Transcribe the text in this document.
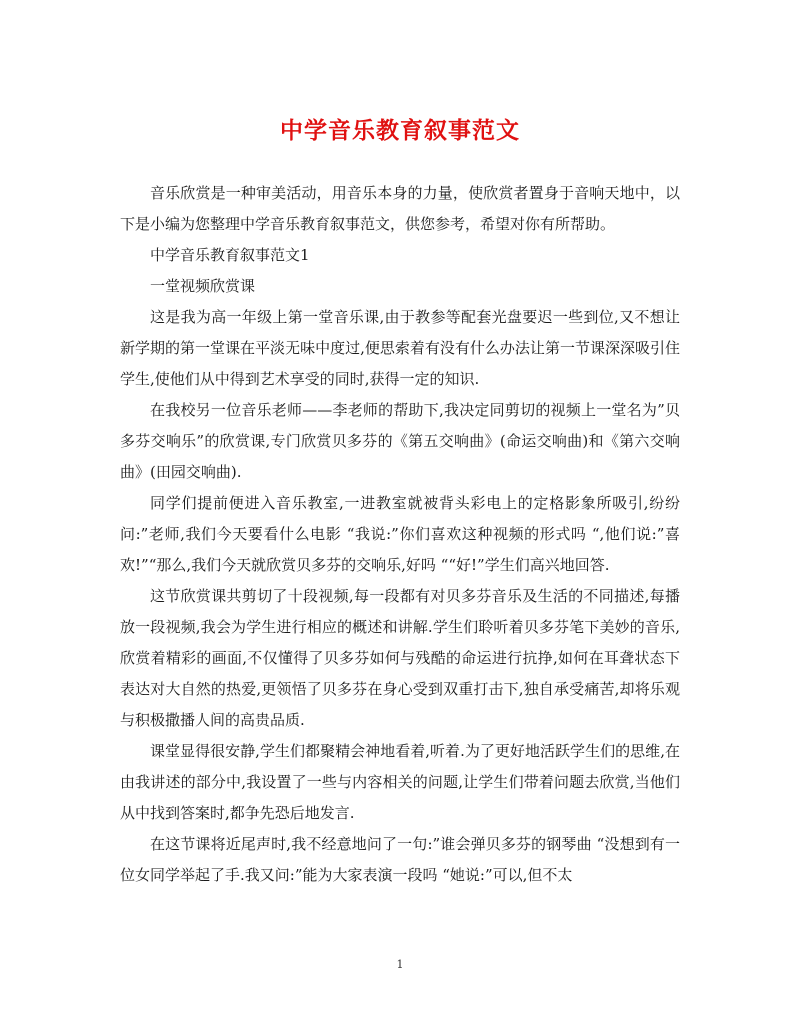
中学音乐教育叙事范文

音乐欣赏是一种审美活动，用音乐本身的力量，使欣赏者置身于音响天地中，以下是小编为您整理中学音乐教育叙事范文，供您参考，希望对你有所帮助。

中学音乐教育叙事范文1

一堂视频欣赏课

这是我为高一年级上第一堂音乐课,由于教参等配套光盘要迟一些到位,又不想让新学期的第一堂课在平淡无味中度过,便思索着有没有什么办法让第一节课深深吸引住学生,使他们从中得到艺术享受的同时,获得一定的知识.

在我校另一位音乐老师——李老师的帮助下,我决定同剪切的视频上一堂名为”贝多芬交响乐”的欣赏课,专门欣赏贝多芬的《第五交响曲》(命运交响曲)和《第六交响曲》(田园交响曲).

同学们提前便进入音乐教室,一进教室就被背头彩电上的定格影象所吸引,纷纷问:”老师,我们今天要看什么电影 “我说:”你们喜欢这种视频的形式吗 “,他们说:”喜欢!”“那么,我们今天就欣赏贝多芬的交响乐,好吗 ““好!”学生们高兴地回答.

这节欣赏课共剪切了十段视频,每一段都有对贝多芬音乐及生活的不同描述,每播放一段视频,我会为学生进行相应的概述和讲解.学生们聆听着贝多芬笔下美妙的音乐,欣赏着精彩的画面,不仅懂得了贝多芬如何与残酷的命运进行抗挣,如何在耳聋状态下表达对大自然的热爱,更领悟了贝多芬在身心受到双重打击下,独自承受痛苦,却将乐观与积极撒播人间的高贵品质.

课堂显得很安静,学生们都聚精会神地看着,听着.为了更好地活跃学生们的思维,在由我讲述的部分中,我设置了一些与内容相关的问题,让学生们带着问题去欣赏,当他们从中找到答案时,都争先恐后地发言.

在这节课将近尾声时,我不经意地问了一句:”谁会弹贝多芬的钢琴曲 “没想到有一位女同学举起了手.我又问:”能为大家表演一段吗 “她说:”可以,但不太

1
